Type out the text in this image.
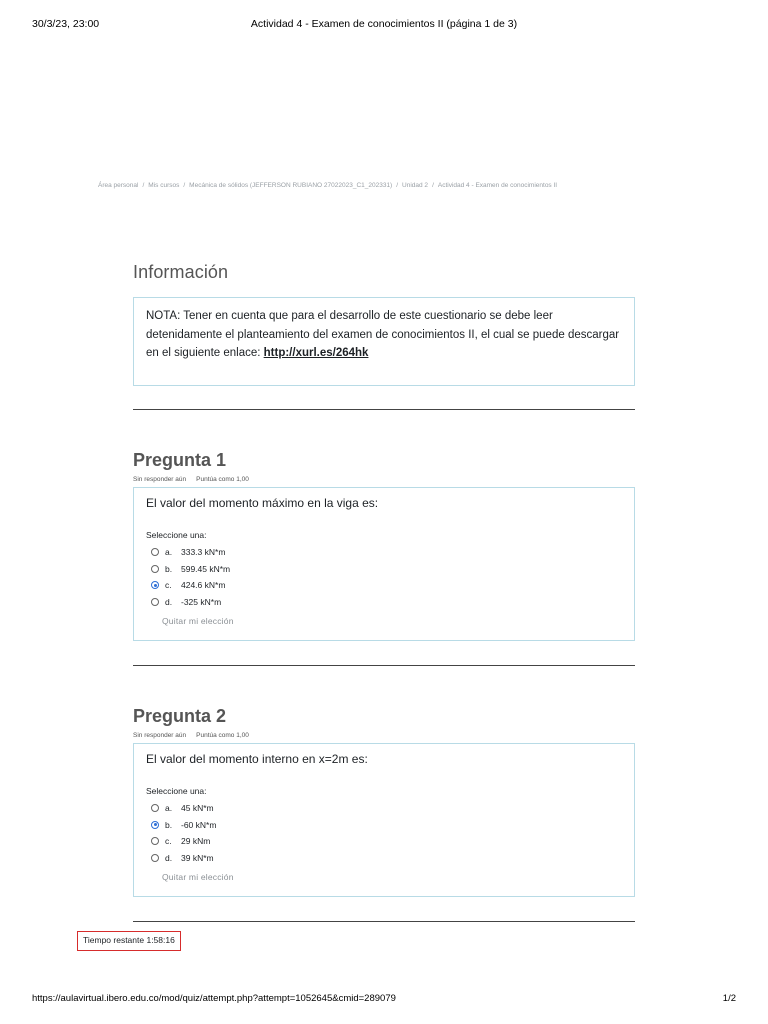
30/3/23, 23:00	Actividad 4 - Examen de conocimientos II (página 1 de 3)
Área personal / Mis cursos / Mecánica de sólidos (JEFFERSON RUBIANO 27022023_C1_202331) / Unidad 2 / Actividad 4 - Examen de conocimientos II
Información
NOTA: Tener en cuenta que para el desarrollo de este cuestionario se debe leer detenidamente el planteamiento del examen de conocimientos II, el cual se puede descargar en el siguiente enlace: http://xurl.es/264hk
Pregunta 1
Sin responder aún Puntúa como 1,00
El valor del momento máximo en la viga es:
Seleccione una:
a.	333.3 kN*m
b.	599.45 kN*m
c.	424.6 kN*m
d.	-325 kN*m
Quitar mi elección
Pregunta 2
Sin responder aún Puntúa como 1,00
El valor del momento interno en x=2m es:
Seleccione una:
a.	45 kN*m
b.	-60 kN*m
c.	29 kNm
d.	39 kN*m
Quitar mi elección
Tiempo restante 1:58:16
https://aulavirtual.ibero.edu.co/mod/quiz/attempt.php?attempt=1052645&cmid=289079	1/2
